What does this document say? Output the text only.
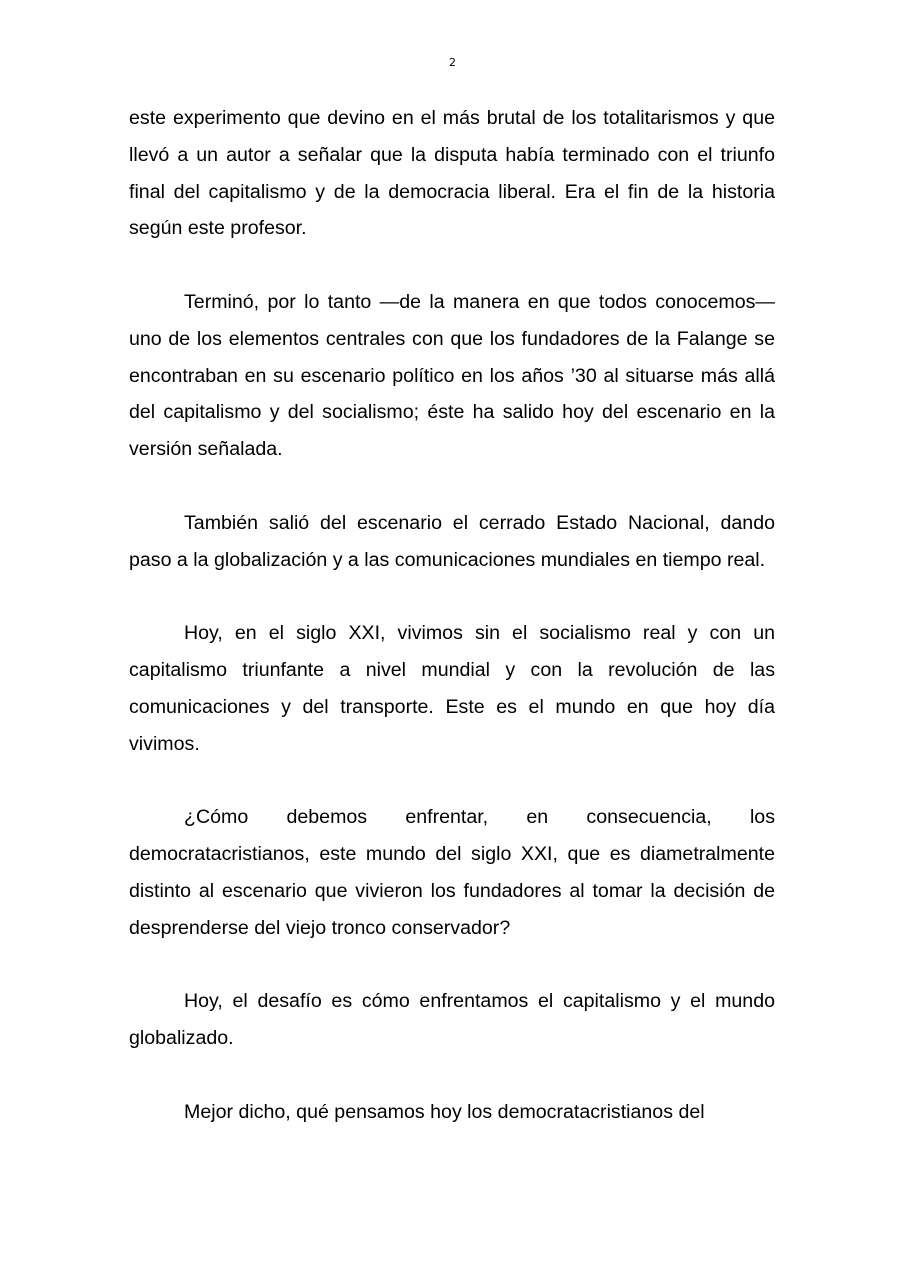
2

este experimento que devino en el más brutal de los totalitarismos y que llevó a un autor a señalar que la disputa había terminado con el triunfo final del capitalismo y de la democracia liberal. Era el fin de la historia según este profesor.

Terminó, por lo tanto —de la manera en que todos conocemos— uno de los elementos centrales con que los fundadores de la Falange se encontraban en su escenario político en los años ’30 al situarse más allá del capitalismo y del socialismo; éste ha salido hoy del escenario en la versión señalada.

También salió del escenario el cerrado Estado Nacional, dando paso a la globalización y a las comunicaciones mundiales en tiempo real.

Hoy, en el siglo XXI, vivimos sin el socialismo real y con un capitalismo triunfante a nivel mundial y con la revolución de las comunicaciones y del transporte. Este es el mundo en que hoy día vivimos.

¿Cómo debemos enfrentar, en consecuencia, los democratacristianos, este mundo del siglo XXI, que es diametralmente distinto al escenario que vivieron los fundadores al tomar la decisión de desprenderse del viejo tronco conservador?

Hoy, el desafío es cómo enfrentamos el capitalismo y el mundo globalizado.

Mejor dicho, qué pensamos hoy los democratacristianos del
